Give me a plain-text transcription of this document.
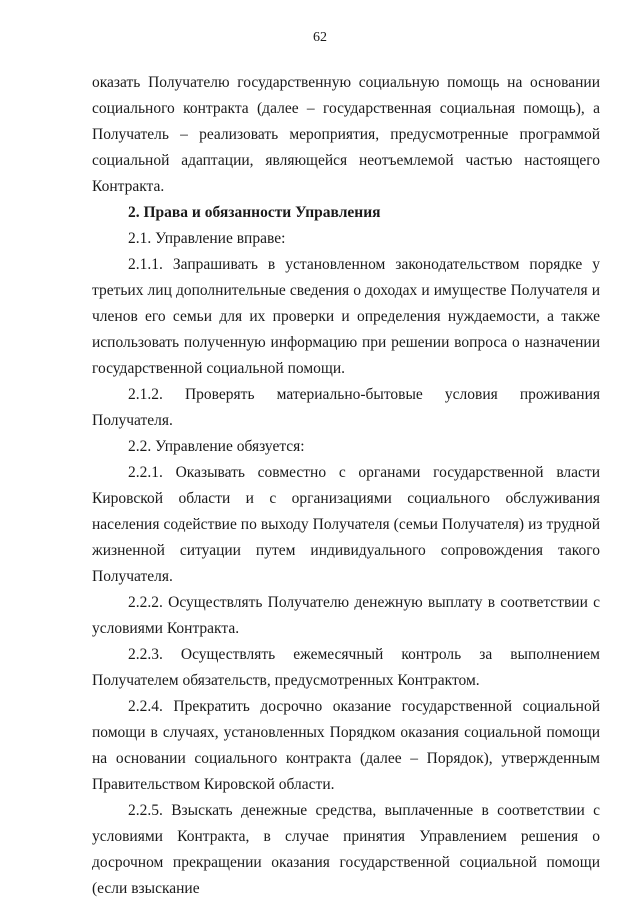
62

оказать Получателю государственную социальную помощь на основании социального контракта (далее – государственная социальная помощь), а Получатель – реализовать мероприятия, предусмотренные программой социальной адаптации, являющейся неотъемлемой частью настоящего Контракта.

2. Права и обязанности Управления

2.1. Управление вправе:

2.1.1. Запрашивать в установленном законодательством порядке у третьих лиц дополнительные сведения о доходах и имуществе Получателя и членов его семьи для их проверки и определения нуждаемости, а также использовать полученную информацию при решении вопроса о назначении государственной социальной помощи.

2.1.2. Проверять материально-бытовые условия проживания Получателя.

2.2. Управление обязуется:

2.2.1. Оказывать совместно с органами государственной власти Кировской области и с организациями социального обслуживания населения содействие по выходу Получателя (семьи Получателя) из трудной жизненной ситуации путем индивидуального сопровождения такого Получателя.

2.2.2. Осуществлять Получателю денежную выплату в соответствии с условиями Контракта.

2.2.3. Осуществлять ежемесячный контроль за выполнением Получателем обязательств, предусмотренных Контрактом.

2.2.4. Прекратить досрочно оказание государственной социальной помощи в случаях, установленных Порядком оказания социальной помощи на основании социального контракта (далее – Порядок), утвержденным Правительством Кировской области.

2.2.5. Взыскать денежные средства, выплаченные в соответствии с условиями Контракта, в случае принятия Управлением решения о досрочном прекращении оказания государственной социальной помощи (если взыскание
